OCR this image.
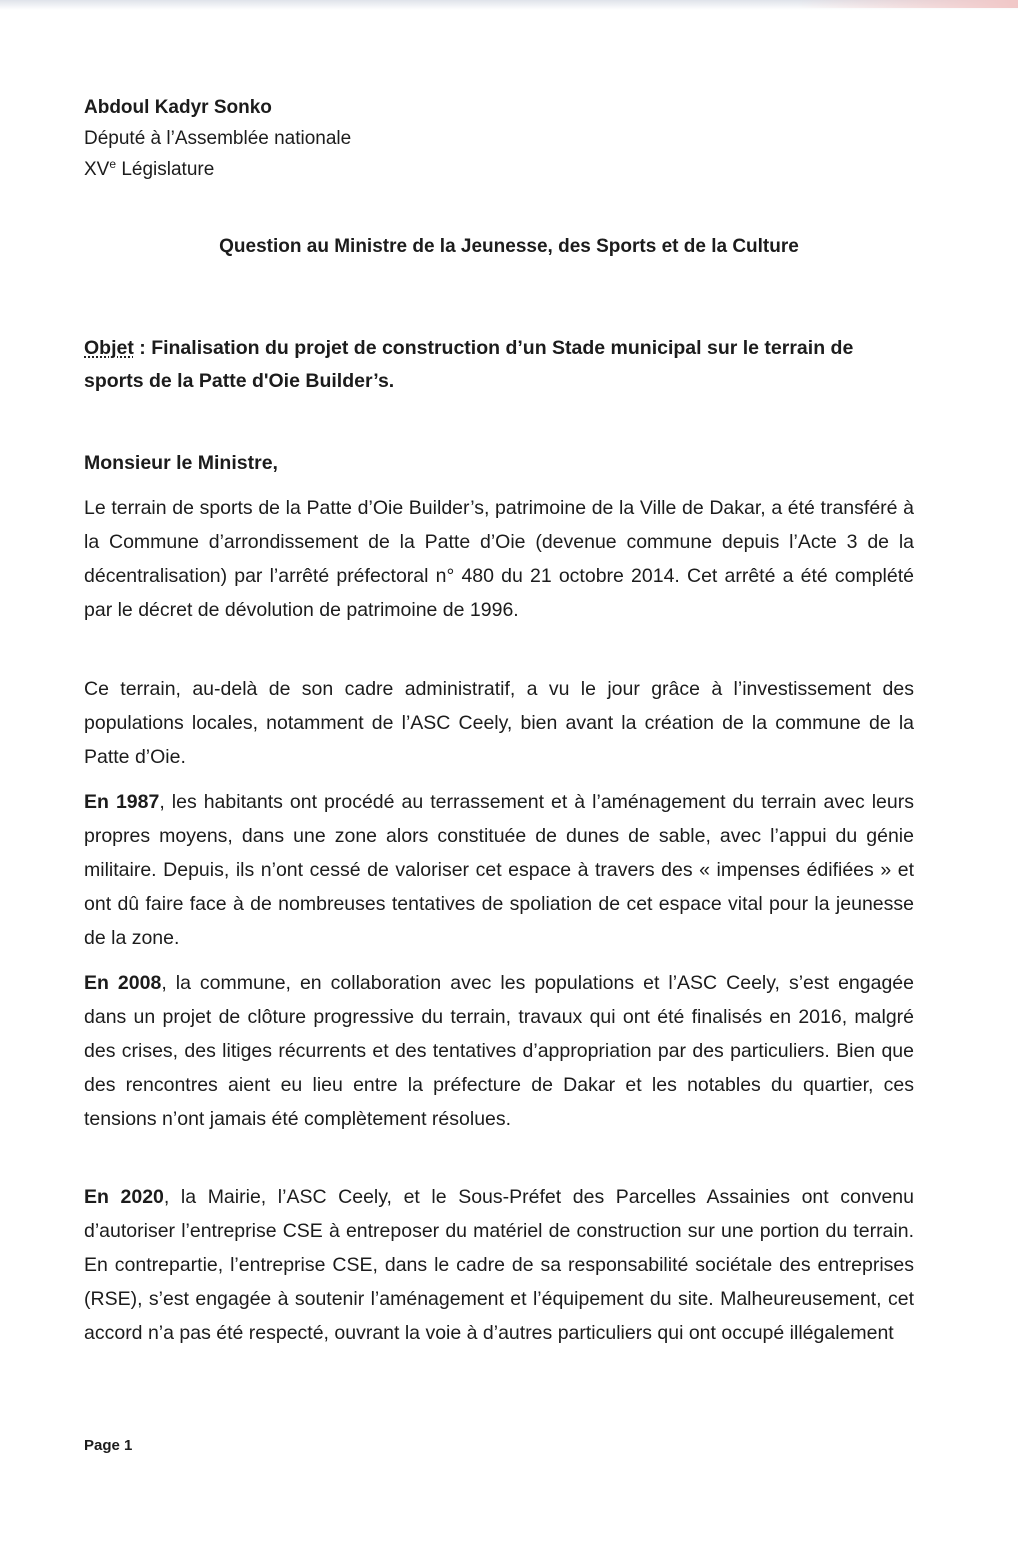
Abdoul Kadyr Sonko
Député à l’Assemblée nationale
XVe Législature
Question au Ministre de la Jeunesse, des Sports et de la Culture
Objet : Finalisation du projet de construction d’un Stade municipal sur le terrain de sports de la Patte d'Oie Builder’s.
Monsieur le Ministre,

Le terrain de sports de la Patte d’Oie Builder’s, patrimoine de la Ville de Dakar, a été transféré à la Commune d’arrondissement de la Patte d’Oie (devenue commune depuis l’Acte 3 de la décentralisation) par l’arrêté préfectoral n° 480 du 21 octobre 2014. Cet arrêté a été complété par le décret de dévolution de patrimoine de 1996.

Ce terrain, au-delà de son cadre administratif, a vu le jour grâce à l’investissement des populations locales, notamment de l’ASC Ceely, bien avant la création de la commune de la Patte d’Oie.

En 1987, les habitants ont procédé au terrassement et à l’aménagement du terrain avec leurs propres moyens, dans une zone alors constituée de dunes de sable, avec l’appui du génie militaire. Depuis, ils n’ont cessé de valoriser cet espace à travers des « impenses édifiées » et ont dû faire face à de nombreuses tentatives de spoliation de cet espace vital pour la jeunesse de la zone.

En 2008, la commune, en collaboration avec les populations et l’ASC Ceely, s’est engagée dans un projet de clôture progressive du terrain, travaux qui ont été finalisés en 2016, malgré des crises, des litiges récurrents et des tentatives d’appropriation par des particuliers. Bien que des rencontres aient eu lieu entre la préfecture de Dakar et les notables du quartier, ces tensions n’ont jamais été complètement résolues.

En 2020, la Mairie, l’ASC Ceely, et le Sous-Préfet des Parcelles Assainies ont convenu d’autoriser l’entreprise CSE à entreposer du matériel de construction sur une portion du terrain. En contrepartie, l’entreprise CSE, dans le cadre de sa responsabilité sociétale des entreprises (RSE), s’est engagée à soutenir l’aménagement et l’équipement du site. Malheureusement, cet accord n’a pas été respecté, ouvrant la voie à d’autres particuliers qui ont occupé illégalement

Page 1
